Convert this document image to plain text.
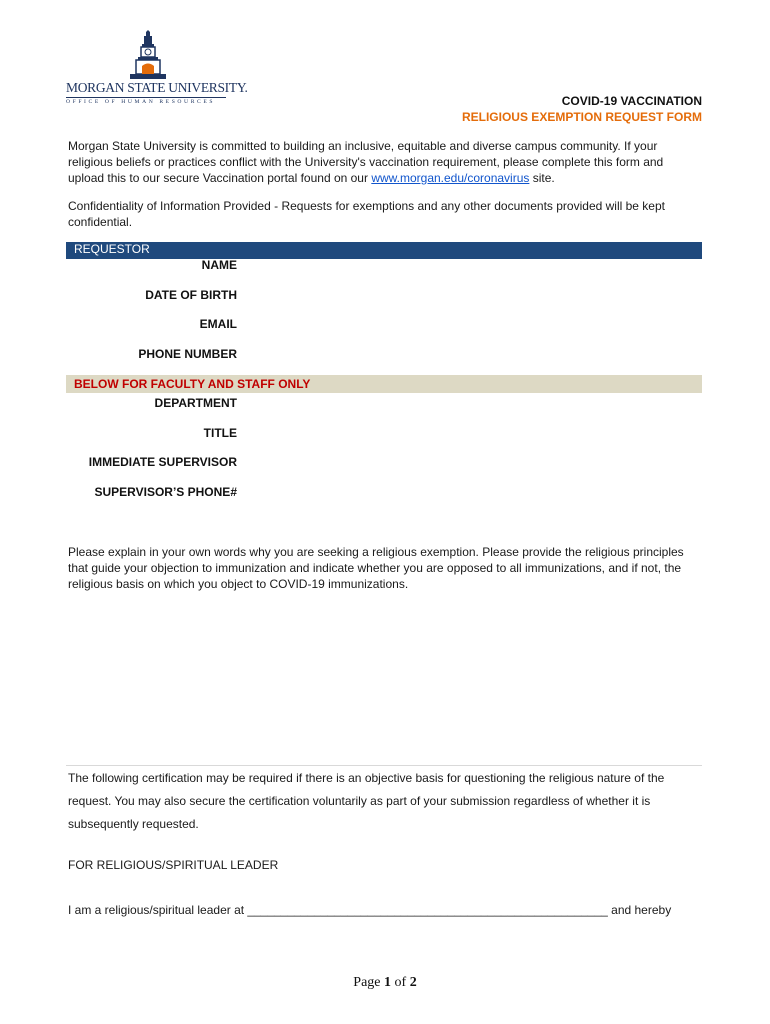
MORGAN STATE UNIVERSITY.
OFFICE OF HUMAN RESOURCES	COVID-19 VACCINATION
RELIGIOUS EXEMPTION REQUEST FORM
Morgan State University is committed to building an inclusive, equitable and diverse campus community. If your religious beliefs or practices conflict with the University's vaccination requirement, please complete this form and upload this to our secure Vaccination portal found on our www.morgan.edu/coronavirus site.
Confidentiality of Information Provided - Requests for exemptions and any other documents provided will be kept confidential.
REQUESTOR
NAME
DATE OF BIRTH
EMAIL
PHONE NUMBER
BELOW FOR FACULTY AND STAFF ONLY
DEPARTMENT
TITLE
IMMEDIATE SUPERVISOR
SUPERVISOR’S PHONE#
Please explain in your own words why you are seeking a religious exemption. Please provide the religious principles that guide your objection to immunization and indicate whether you are opposed to all immunizations, and if not, the religious basis on which you object to COVID-19 immunizations.
The following certification may be required if there is an objective basis for questioning the religious nature of the request. You may also secure the certification voluntarily as part of your submission regardless of whether it is subsequently requested.
FOR RELIGIOUS/SPIRITUAL LEADER
I am a religious/spiritual leader at ______________________________________________________ and hereby
Page 1 of 2
